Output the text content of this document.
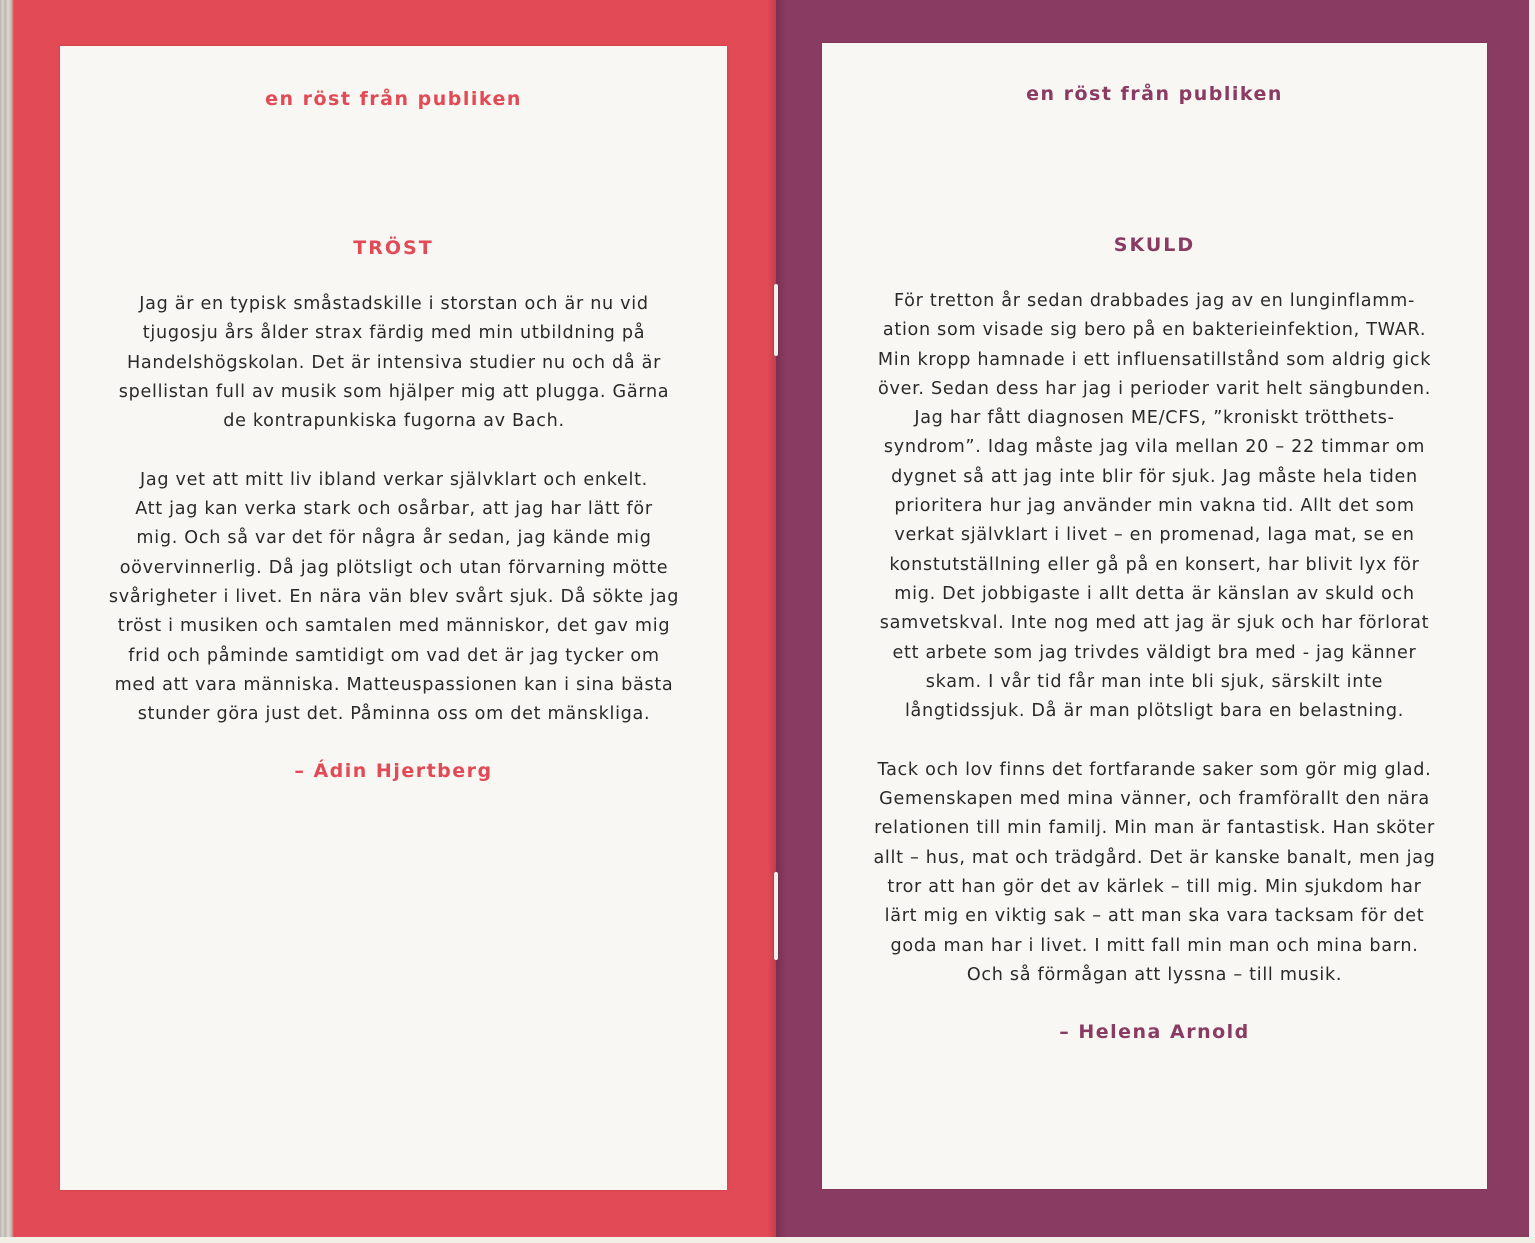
en röst från publiken
TRÖST
Jag är en typisk småstadskille i storstan och är nu vid
tjugosju års ålder strax färdig med min utbildning på
Handelshögskolan. Det är intensiva studier nu och då är
spellistan full av musik som hjälper mig att plugga. Gärna
de kontrapunkiska fugorna av Bach.
Jag vet att mitt liv ibland verkar självklart och enkelt.
Att jag kan verka stark och osårbar, att jag har lätt för
mig. Och så var det för några år sedan, jag kände mig
oövervinnerlig. Då jag plötsligt och utan förvarning mötte
svårigheter i livet. En nära vän blev svårt sjuk. Då sökte jag
tröst i musiken och samtalen med människor, det gav mig
frid och påminde samtidigt om vad det är jag tycker om
med att vara människa. Matteuspassionen kan i sina bästa
stunder göra just det. Påminna oss om det mänskliga.
– Ádin Hjertberg
en röst från publiken
SKULD
För tretton år sedan drabbades jag av en lunginflamm-
ation som visade sig bero på en bakterieinfektion, TWAR.
Min kropp hamnade i ett influensatillstånd som aldrig gick
över. Sedan dess har jag i perioder varit helt sängbunden.
Jag har fått diagnosen ME/CFS, ”kroniskt trötthets-
syndrom”. Idag måste jag vila mellan 20 – 22 timmar om
dygnet så att jag inte blir för sjuk. Jag måste hela tiden
prioritera hur jag använder min vakna tid. Allt det som
verkat självklart i livet – en promenad, laga mat, se en
konstutställning eller gå på en konsert, har blivit lyx för
mig. Det jobbigaste i allt detta är känslan av skuld och
samvetskval. Inte nog med att jag är sjuk och har förlorat
ett arbete som jag trivdes väldigt bra med - jag känner
skam. I vår tid får man inte bli sjuk, särskilt inte
långtidssjuk. Då är man plötsligt bara en belastning.
Tack och lov finns det fortfarande saker som gör mig glad.
Gemenskapen med mina vänner, och framförallt den nära
relationen till min familj. Min man är fantastisk. Han sköter
allt – hus, mat och trädgård. Det är kanske banalt, men jag
tror att han gör det av kärlek – till mig. Min sjukdom har
lärt mig en viktig sak – att man ska vara tacksam för det
goda man har i livet. I mitt fall min man och mina barn.
Och så förmågan att lyssna – till musik.
– Helena Arnold
